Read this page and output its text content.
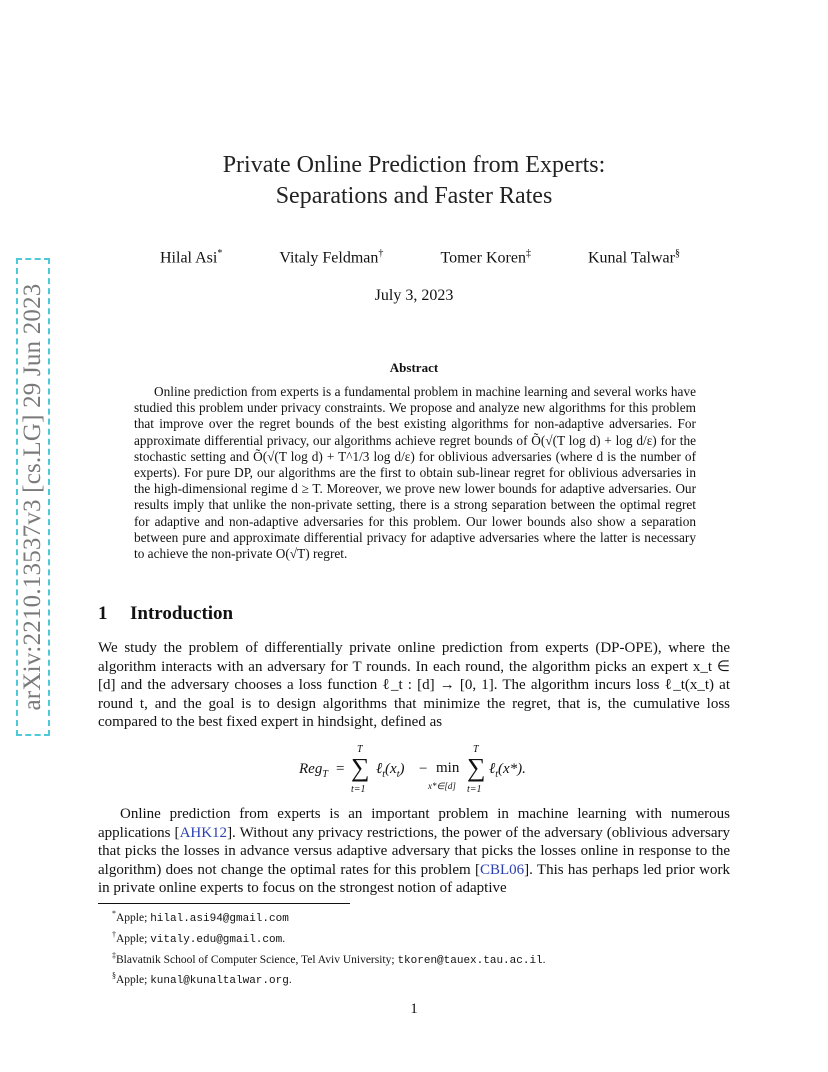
arXiv:2210.13537v3 [cs.LG] 29 Jun 2023
Private Online Prediction from Experts:
Separations and Faster Rates
Hilal Asi*	Vitaly Feldman†	Tomer Koren‡	Kunal Talwar§
July 3, 2023
Abstract

Online prediction from experts is a fundamental problem in machine learning and several works have studied this problem under privacy constraints. We propose and analyze new algorithms for this problem that improve over the regret bounds of the best existing algorithms for non-adaptive adversaries. For approximate differential privacy, our algorithms achieve regret bounds of Õ(√(T log d) + log d/ε) for the stochastic setting and Õ(√(T log d) + T^1/3 log d/ε) for oblivious adversaries (where d is the number of experts). For pure DP, our algorithms are the first to obtain sub-linear regret for oblivious adversaries in the high-dimensional regime d ≥ T. Moreover, we prove new lower bounds for adaptive adversaries. Our results imply that unlike the non-private setting, there is a strong separation between the optimal regret for adaptive and non-adaptive adversaries for this problem. Our lower bounds also show a separation between pure and approximate differential privacy for adaptive adversaries where the latter is necessary to achieve the non-private O(√T) regret.

1 Introduction

We study the problem of differentially private online prediction from experts (DP-OPE), where the algorithm interacts with an adversary for T rounds. In each round, the algorithm picks an expert x_t ∈ [d] and the adversary chooses a loss function ℓ_t : [d] → [0, 1]. The algorithm incurs loss ℓ_t(x_t) at round t, and the goal is to design algorithms that minimize the regret, that is, the cumulative loss compared to the best fixed expert in hindsight, defined as

Reg$_T$ =
T
∑
t=1
$\ell_t(x_t) - \min$
x*∈[d]
T
∑
t=1
ℓ$_t$(x*).

Online prediction from experts is an important problem in machine learning with numerous applications [AHK12]. Without any privacy restrictions, the power of the adversary (oblivious adversary that picks the losses in advance versus adaptive adversary that picks the losses online in response to the algorithm) does not change the optimal rates for this problem [CBL06]. This has perhaps led prior work in private online experts to focus on the strongest notion of adaptive

*Apple; hilal.asi94@gmail.com
†Apple; vitaly.edu@gmail.com.
‡Blavatnik School of Computer Science, Tel Aviv University; tkoren@tauex.tau.ac.il.
§Apple; kunal@kunaltalwar.org.
1
